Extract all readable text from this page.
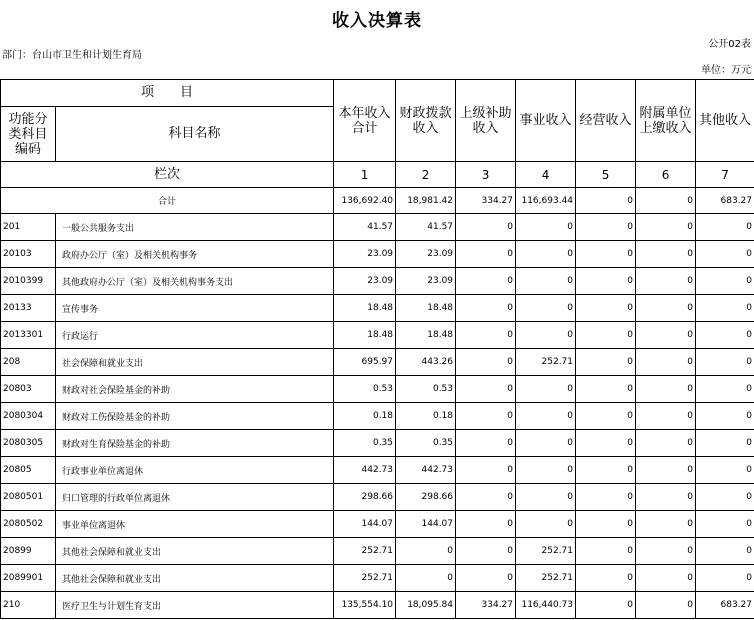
收入决算表
部门：台山市卫生和计划生育局
公开02表
单位：万元
项　　目		本年收入合计	财政拨款收入	上级补助收入	事业收入	经营收入	附属单位上缴收入	其他收入
功能分类科目编码	科目名称							
栏次		1	2	3	4	5	6	7
合计		136,692.40	18,981.42	334.27	116,693.44	0	0	683.27
201	一般公共服务支出	41.57	41.57	0	0	0	0	0
20103	政府办公厅（室）及相关机构事务	23.09	23.09	0	0	0	0	0
2010399	其他政府办公厅（室）及相关机构事务支出	23.09	23.09	0	0	0	0	0
20133	宣传事务	18.48	18.48	0	0	0	0	0
2013301	行政运行	18.48	18.48	0	0	0	0	0
208	社会保障和就业支出	695.97	443.26	0	252.71	0	0	0
20803	财政对社会保险基金的补助	0.53	0.53	0	0	0	0	0
2080304	财政对工伤保险基金的补助	0.18	0.18	0	0	0	0	0
2080305	财政对生育保险基金的补助	0.35	0.35	0	0	0	0	0
20805	行政事业单位离退休	442.73	442.73	0	0	0	0	0
2080501	归口管理的行政单位离退休	298.66	298.66	0	0	0	0	0
2080502	事业单位离退休	144.07	144.07	0	0	0	0	0
20899	其他社会保障和就业支出	252.71	0	0	252.71	0	0	0
2089901	其他社会保障和就业支出	252.71	0	0	252.71	0	0	0
210	医疗卫生与计划生育支出	135,554.10	18,095.84	334.27	116,440.73	0	0	683.27
